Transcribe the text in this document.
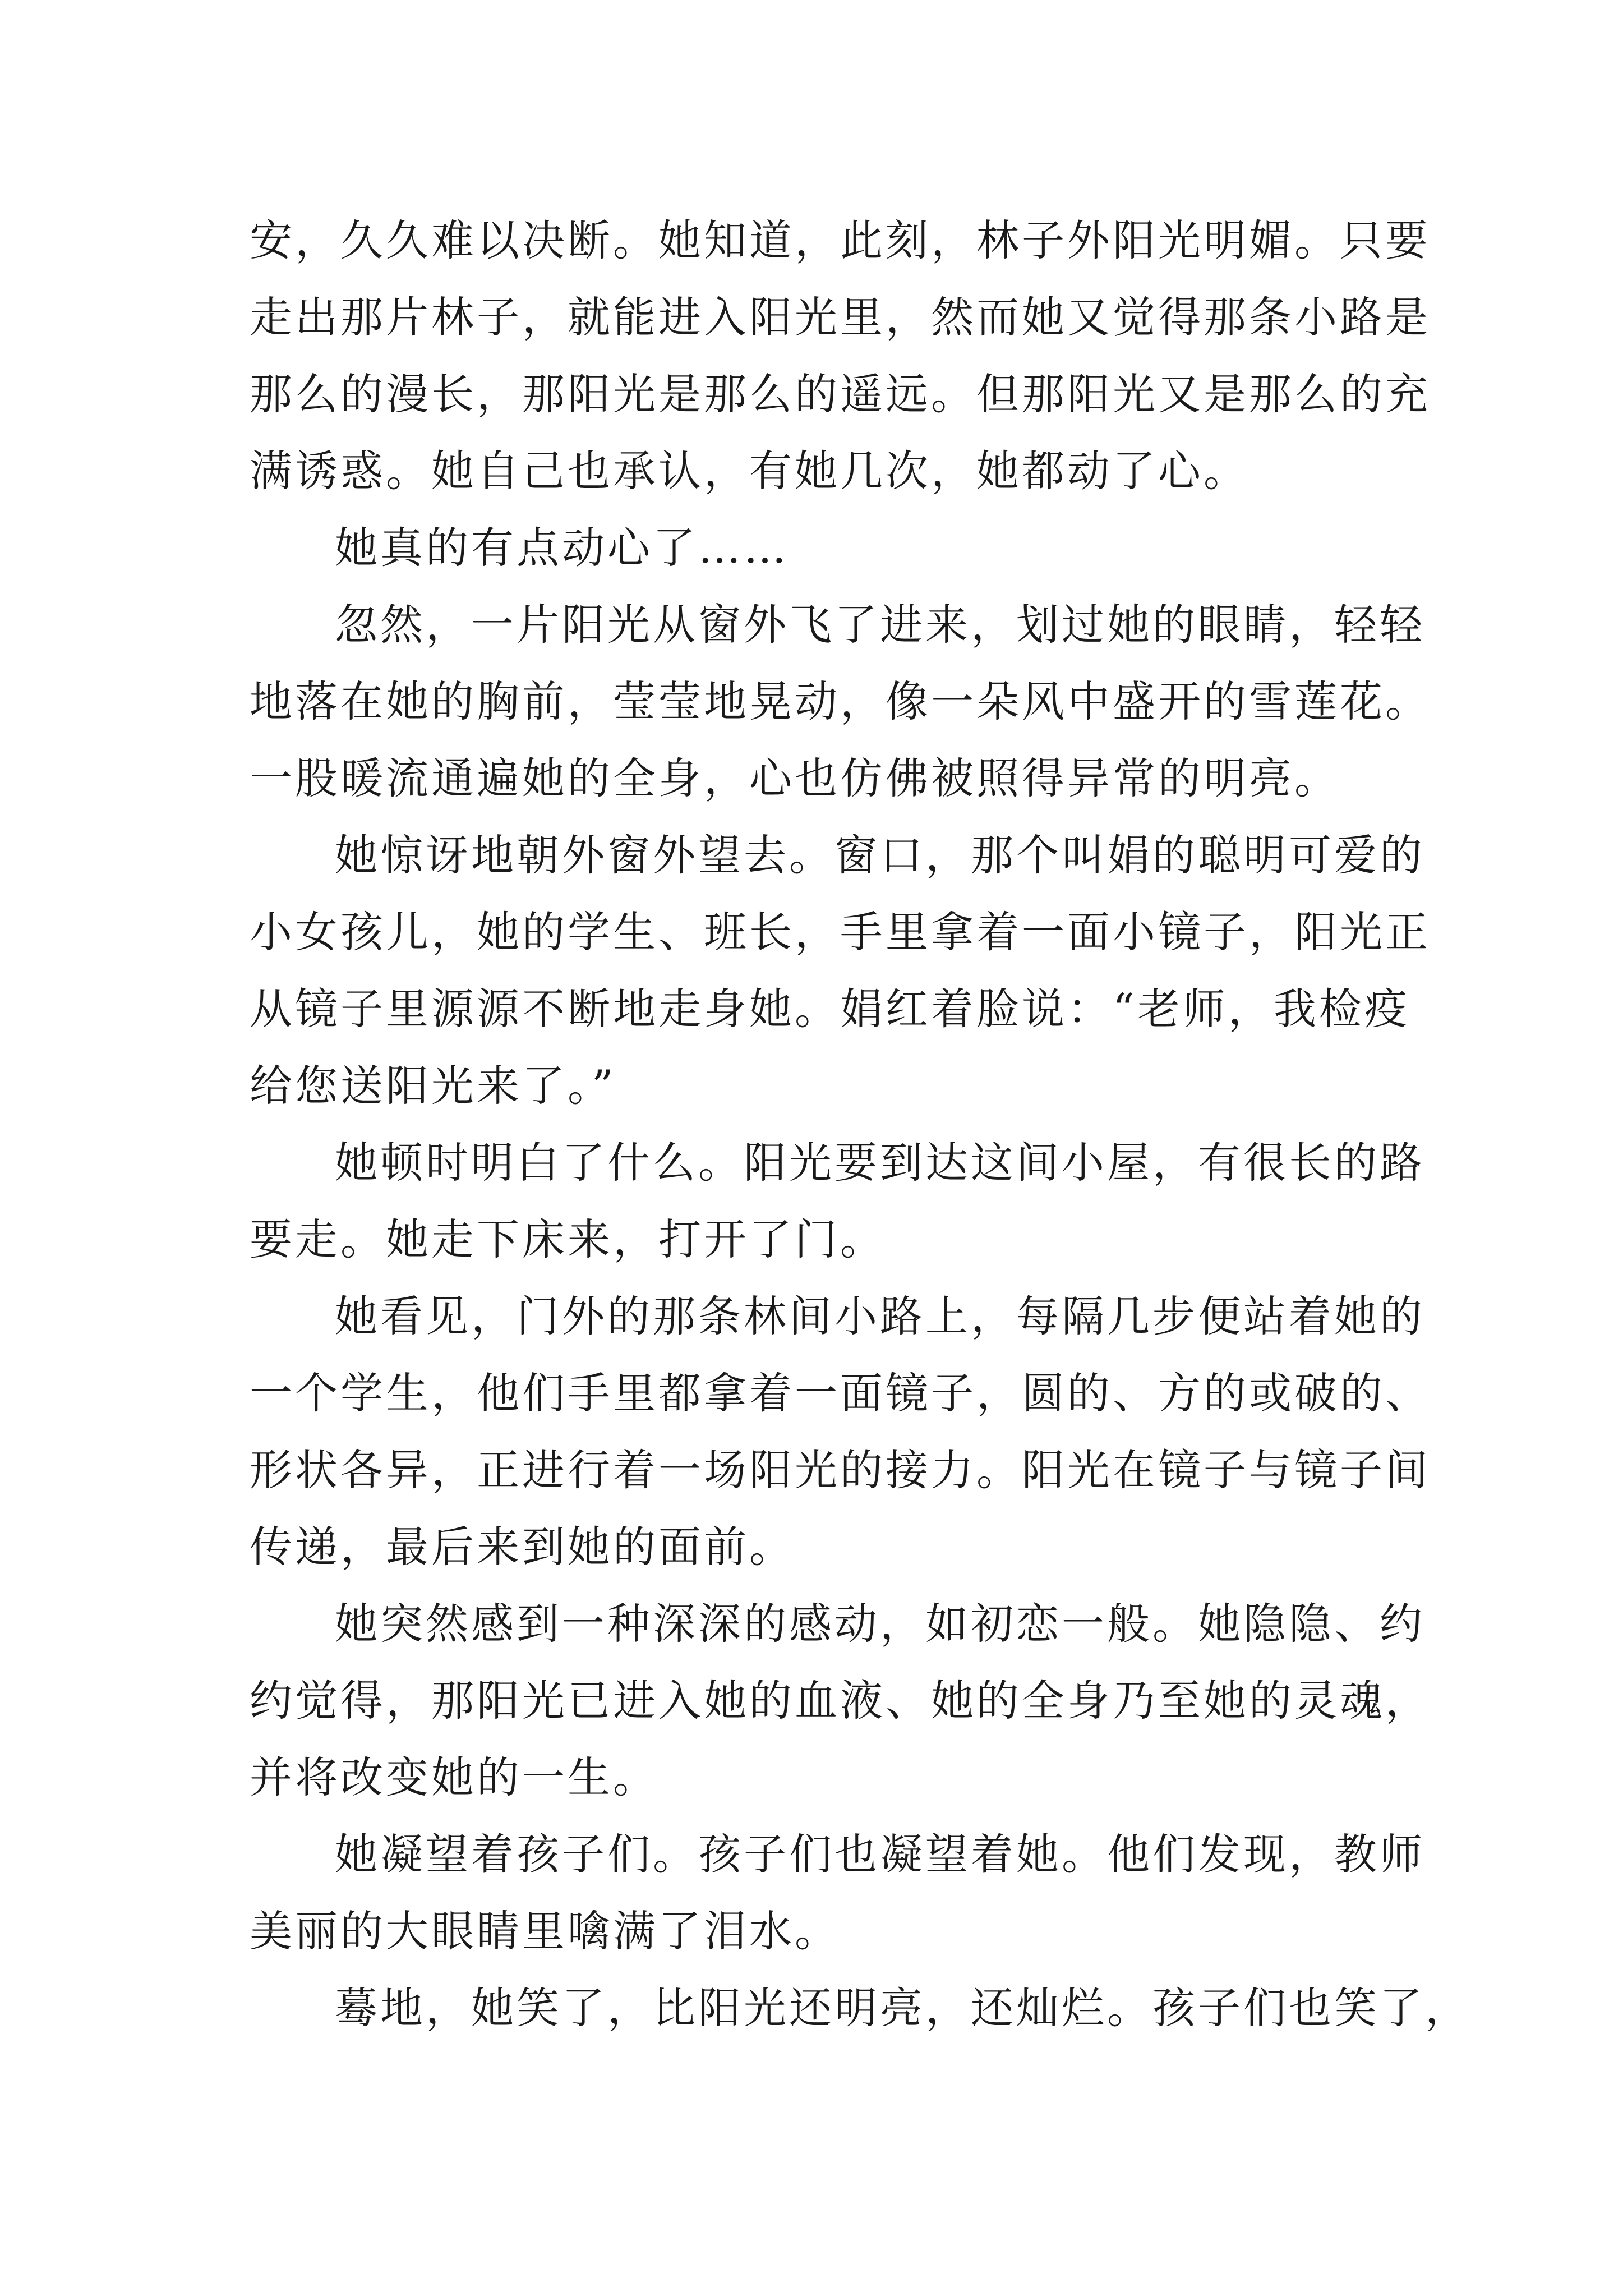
安，久久难以决断。她知道，此刻，林子外阳光明媚。只要
走出那片林子，就能进入阳光里，然而她又觉得那条小路是
那么的漫长，那阳光是那么的遥远。但那阳光又是那么的充
满诱惑。她自己也承认，有她几次，她都动了心。
她真的有点动心了……
忽然，一片阳光从窗外飞了进来，划过她的眼睛，轻轻
地落在她的胸前，莹莹地晃动，像一朵风中盛开的雪莲花。
一股暖流通遍她的全身，心也仿佛被照得异常的明亮。
她惊讶地朝外窗外望去。窗口，那个叫娟的聪明可爱的
小女孩儿，她的学生、班长，手里拿着一面小镜子，阳光正
从镜子里源源不断地走身她。娟红着脸说：“老师，我检疫
给您送阳光来了。”
她顿时明白了什么。阳光要到达这间小屋，有很长的路
要走。她走下床来，打开了门。
她看见，门外的那条林间小路上，每隔几步便站着她的
一个学生，他们手里都拿着一面镜子，圆的、方的或破的、
形状各异，正进行着一场阳光的接力。阳光在镜子与镜子间
传递，最后来到她的面前。
她突然感到一种深深的感动，如初恋一般。她隐隐、约
约觉得，那阳光已进入她的血液、她的全身乃至她的灵魂，
并将改变她的一生。
她凝望着孩子们。孩子们也凝望着她。他们发现，教师
美丽的大眼睛里噙满了泪水。
蓦地，她笑了，比阳光还明亮，还灿烂。孩子们也笑了，
